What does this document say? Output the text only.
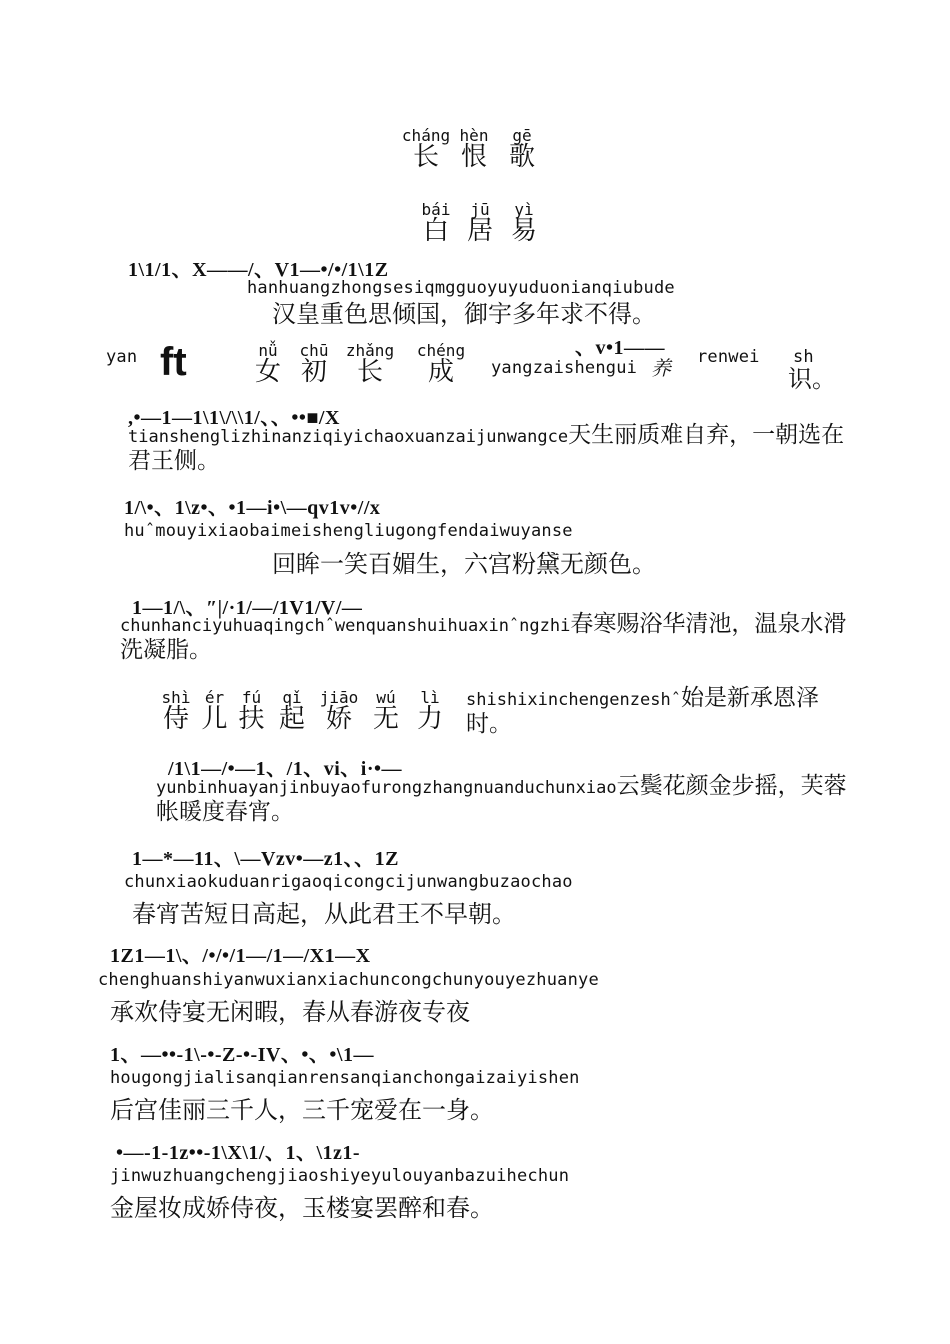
cháng
长
hèn
恨
gē
歌
bái
白
jū
居
yì
易
1\1/1、X——/、V1—•/•/1\1Z
hanhuangzhongsesiqmgguoyuyuduonianqiubude
汉皇重色思倾国，御宇多年求不得。
、v•1——
yan ft	nǚ
女
chū
初
zhǎng
长
chéng
成 yangzaishengui 养 renwei sh
识。
,•—1—1\1\/\\1/、、••■/X
tianshenglizhinanziqiyichaoxuanzaijunwangce天生丽质难自弃，一朝选在君王侧。
1/\•、1\z•、•1—i•\—qv1v•//x
huˆmouyixiaobaimeishengliugongfendaiwuyanse
回眸一笑百媚生，六宫粉黛无颜色。
1—1/\、″|/·1/—/1V1/V/—
chunhanciyuhuaqingchˆwenquanshuihuaxinˆngzhi春寒赐浴华清池，温泉水滑洗凝脂。
shì
侍
ér
儿
fú
扶
qǐ
起
jiāo
娇
wú
无
lì
力
shishixinchengenzeshˆ始是新承恩泽时。
/1\1—/•—1、/1、vi、i·•—
yunbinhuayanjinbuyaofurongzhangnuanduchunxiao云鬓花颜金步摇，芙蓉帐暖度春宵。
1—*—11、\—Vzv•—z1、、1Z
chunxiaokuduanrigaoqicongcijunwangbuzaochao
春宵苦短日高起，从此君王不早朝。
1Z1—1\、/•/•/1—/1—/X1—X
chenghuanshiyanwuxianxiachuncongchunyouyezhuanye
承欢侍宴无闲暇，春从春游夜专夜
1、—••-1\-•-Z-•-IV、•、•\1—
hougongjialisanqianrensanqianchongaizaiyishen
后宫佳丽三千人，三千宠爱在一身。
•—-1-1z••-1\X\1/、1、\1z1-
jinwuzhuangchengjiaoshiyeyulouyanbazuihechun
金屋妆成娇侍夜，玉楼宴罢醉和春。
